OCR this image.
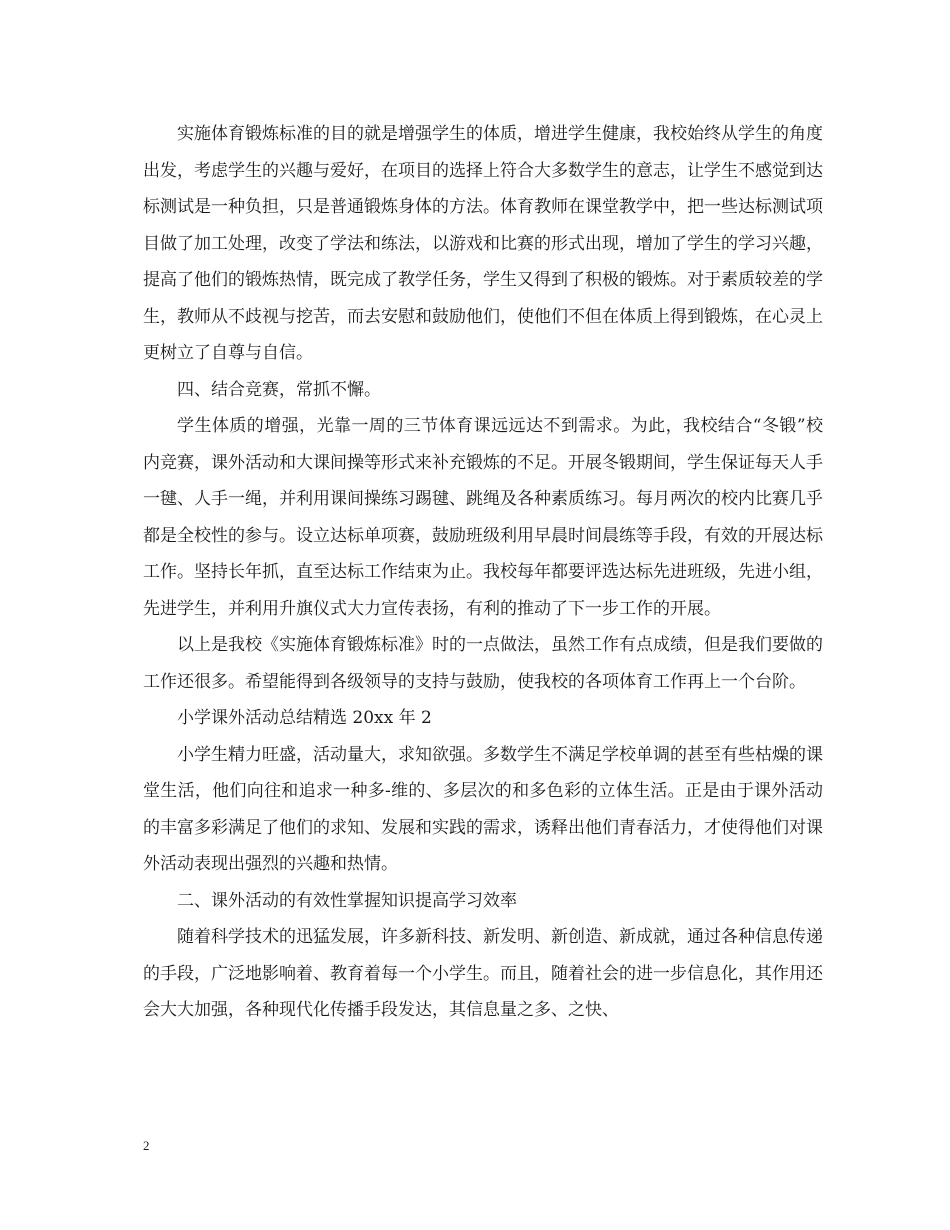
实施体育锻炼标准的目的就是增强学生的体质，增进学生健康，我校始终从学生的角度出发，考虑学生的兴趣与爱好，在项目的选择上符合大多数学生的意志，让学生不感觉到达标测试是一种负担，只是普通锻炼身体的方法。体育教师在课堂教学中，把一些达标测试项目做了加工处理，改变了学法和练法，以游戏和比赛的形式出现，增加了学生的学习兴趣，提高了他们的锻炼热情，既完成了教学任务，学生又得到了积极的锻炼。对于素质较差的学生，教师从不歧视与挖苦，而去安慰和鼓励他们，使他们不但在体质上得到锻炼，在心灵上更树立了自尊与自信。

四、结合竞赛，常抓不懈。

学生体质的增强，光靠一周的三节体育课远远达不到需求。为此，我校结合“冬锻”校内竞赛，课外活动和大课间操等形式来补充锻炼的不足。开展冬锻期间，学生保证每天人手一毽、人手一绳，并利用课间操练习踢毽、跳绳及各种素质练习。每月两次的校内比赛几乎都是全校性的参与。设立达标单项赛，鼓励班级利用早晨时间晨练等手段，有效的开展达标工作。坚持长年抓，直至达标工作结束为止。我校每年都要评选达标先进班级，先进小组，先进学生，并利用升旗仪式大力宣传表扬，有利的推动了下一步工作的开展。

以上是我校《实施体育锻炼标准》时的一点做法，虽然工作有点成绩，但是我们要做的工作还很多。希望能得到各级领导的支持与鼓励，使我校的各项体育工作再上一个台阶。

小学课外活动总结精选 20xx 年 2

小学生精力旺盛，活动量大，求知欲强。多数学生不满足学校单调的甚至有些枯燥的课堂生活，他们向往和追求一种多-维的、多层次的和多色彩的立体生活。正是由于课外活动的丰富多彩满足了他们的求知、发展和实践的需求，诱释出他们青春活力，才使得他们对课外活动表现出强烈的兴趣和热情。

二、课外活动的有效性掌握知识提高学习效率

随着科学技术的迅猛发展，许多新科技、新发明、新创造、新成就，通过各种信息传递的手段，广泛地影响着、教育着每一个小学生。而且，随着社会的进一步信息化，其作用还会大大加强，各种现代化传播手段发达，其信息量之多、之快、

2
